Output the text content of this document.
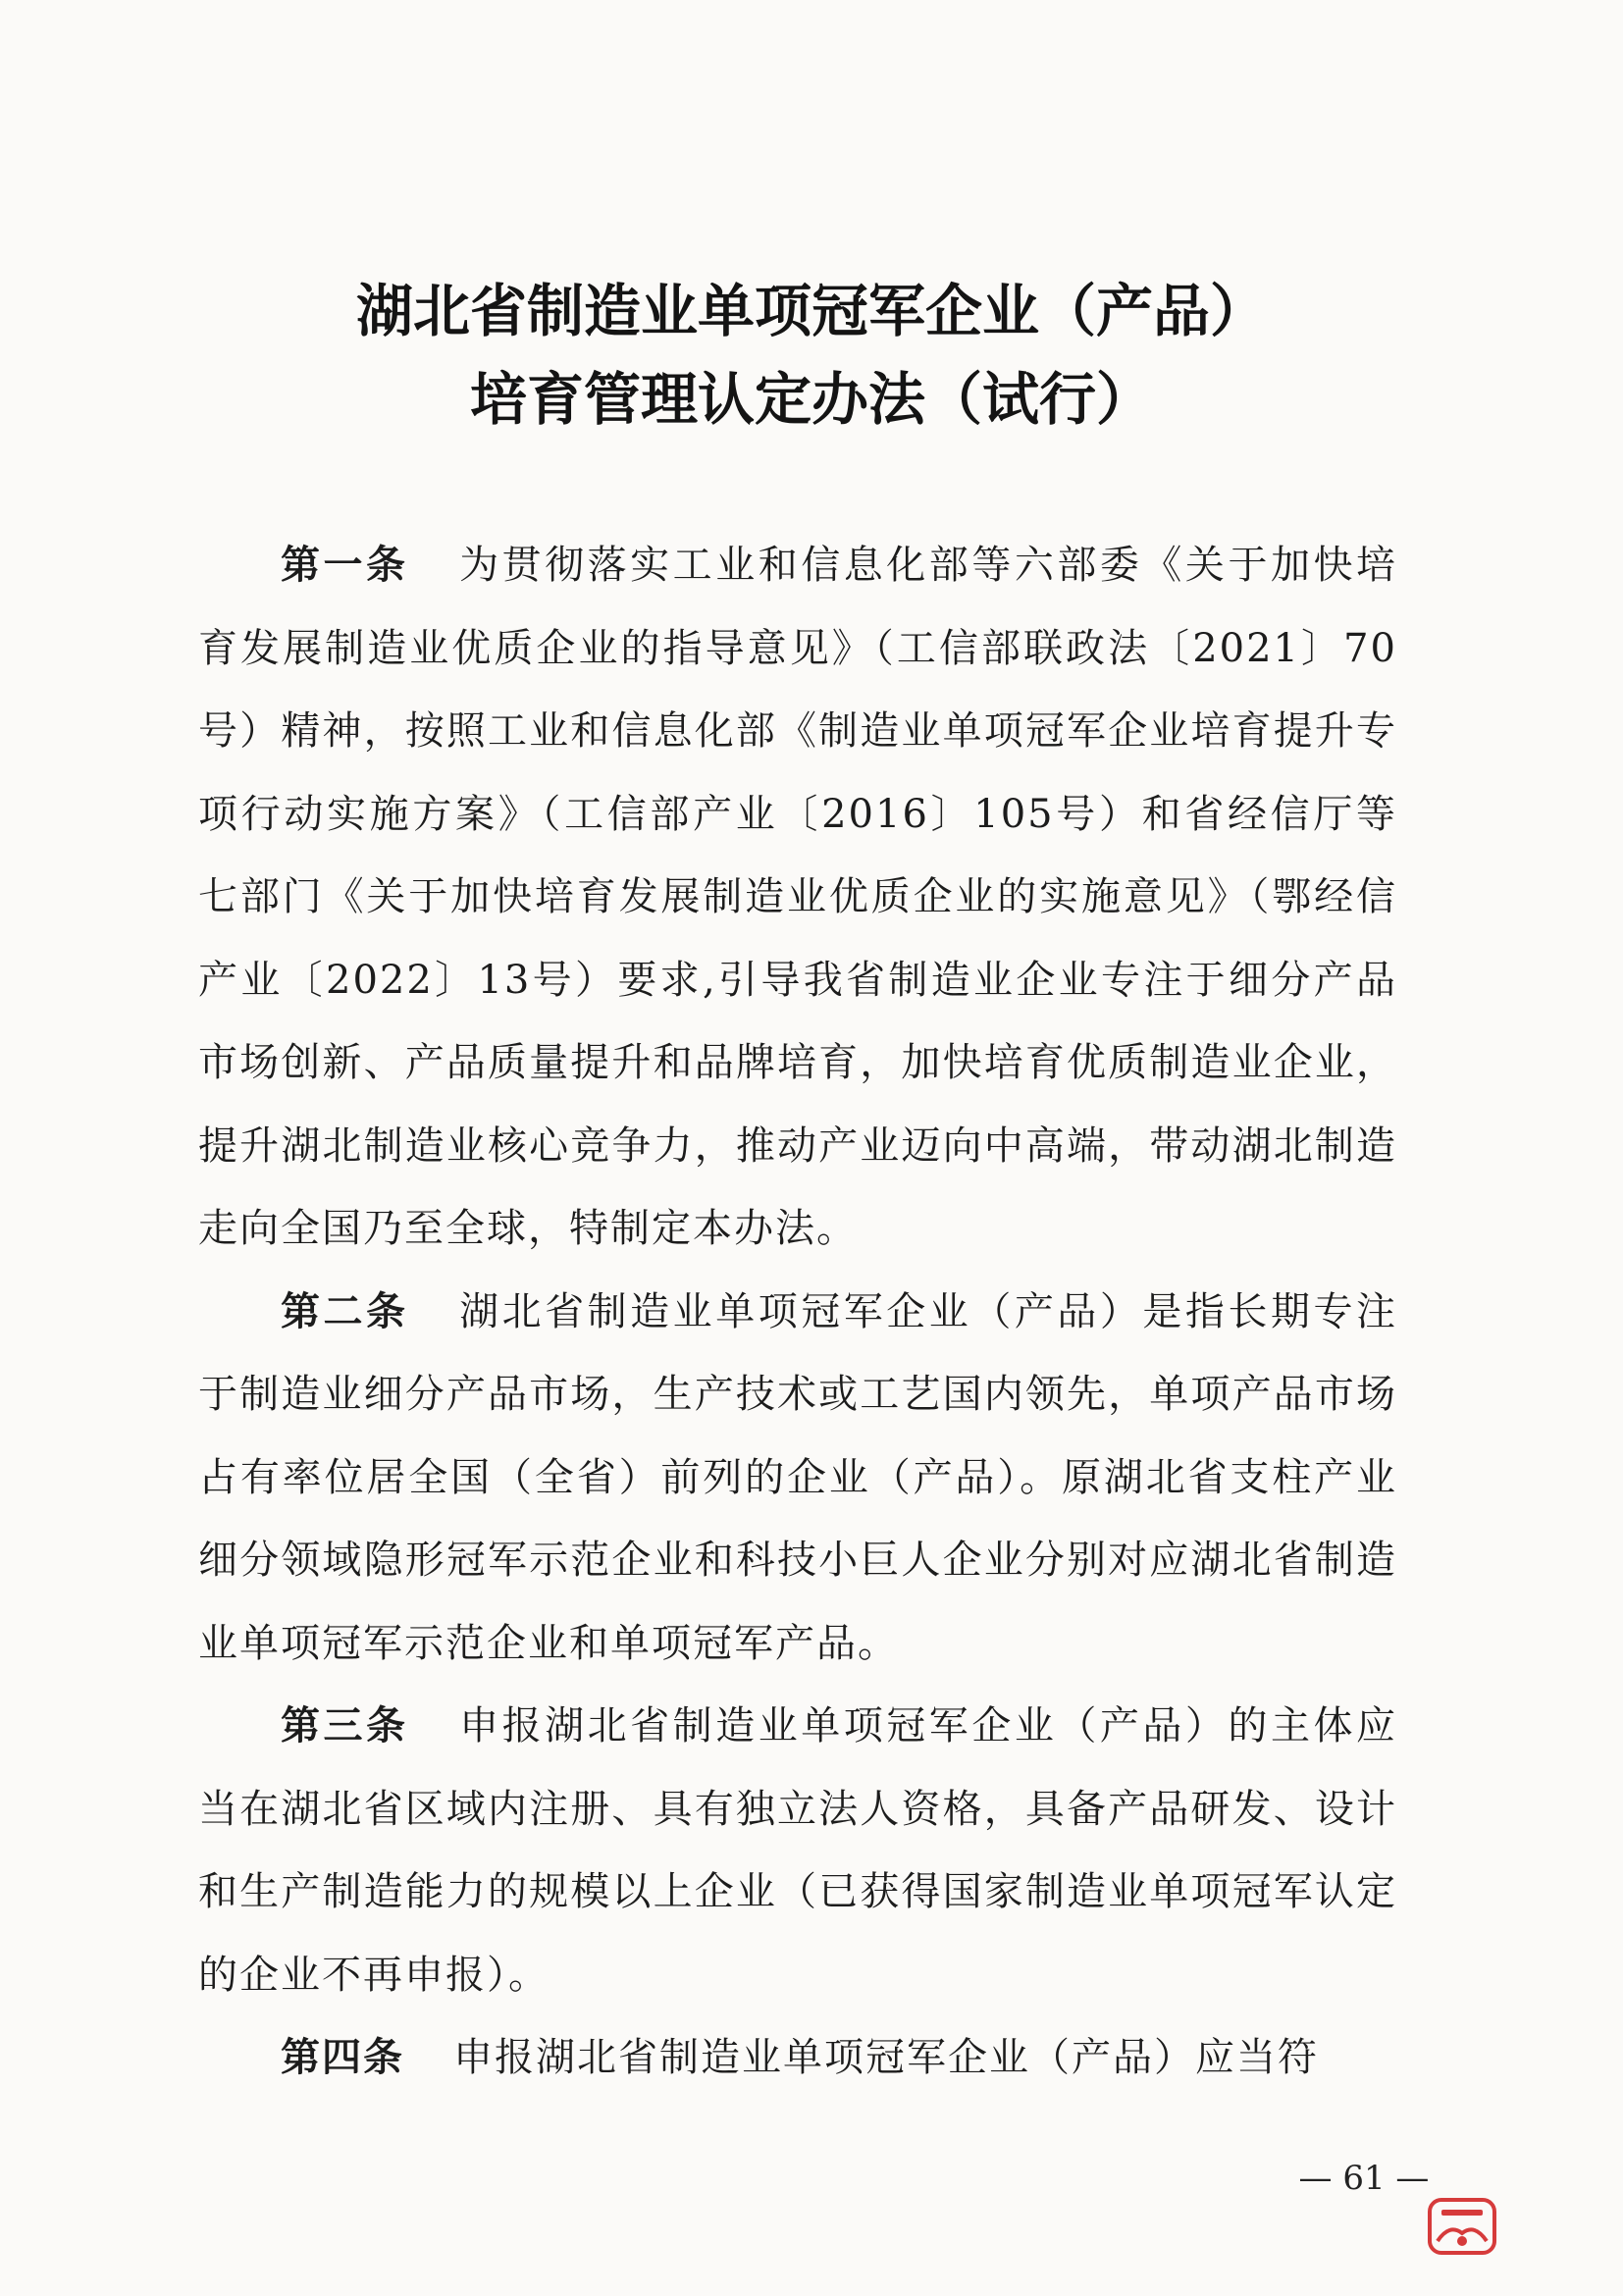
湖北省制造业单项冠军企业（产品）
培育管理认定办法（试行）

第一条 为贯彻落实工业和信息化部等六部委《关于加快培育发展制造业优质企业的指导意见》（工信部联政法〔2021〕70号）精神，按照工业和信息化部《制造业单项冠军企业培育提升专项行动实施方案》（工信部产业〔2016〕105号）和省经信厅等七部门《关于加快培育发展制造业优质企业的实施意见》（鄂经信产业〔2022〕13号）要求,引导我省制造业企业专注于细分产品市场创新、产品质量提升和品牌培育，加快培育优质制造业企业，提升湖北制造业核心竞争力，推动产业迈向中高端，带动湖北制造走向全国乃至全球，特制定本办法。

第二条 湖北省制造业单项冠军企业（产品）是指长期专注于制造业细分产品市场，生产技术或工艺国内领先，单项产品市场占有率位居全国（全省）前列的企业（产品）。原湖北省支柱产业细分领域隐形冠军示范企业和科技小巨人企业分别对应湖北省制造业单项冠军示范企业和单项冠军产品。

第三条 申报湖北省制造业单项冠军企业（产品）的主体应当在湖北省区域内注册、具有独立法人资格，具备产品研发、设计和生产制造能力的规模以上企业（已获得国家制造业单项冠军认定的企业不再申报）。

第四条 申报湖北省制造业单项冠军企业（产品）应当符

— 61 —
